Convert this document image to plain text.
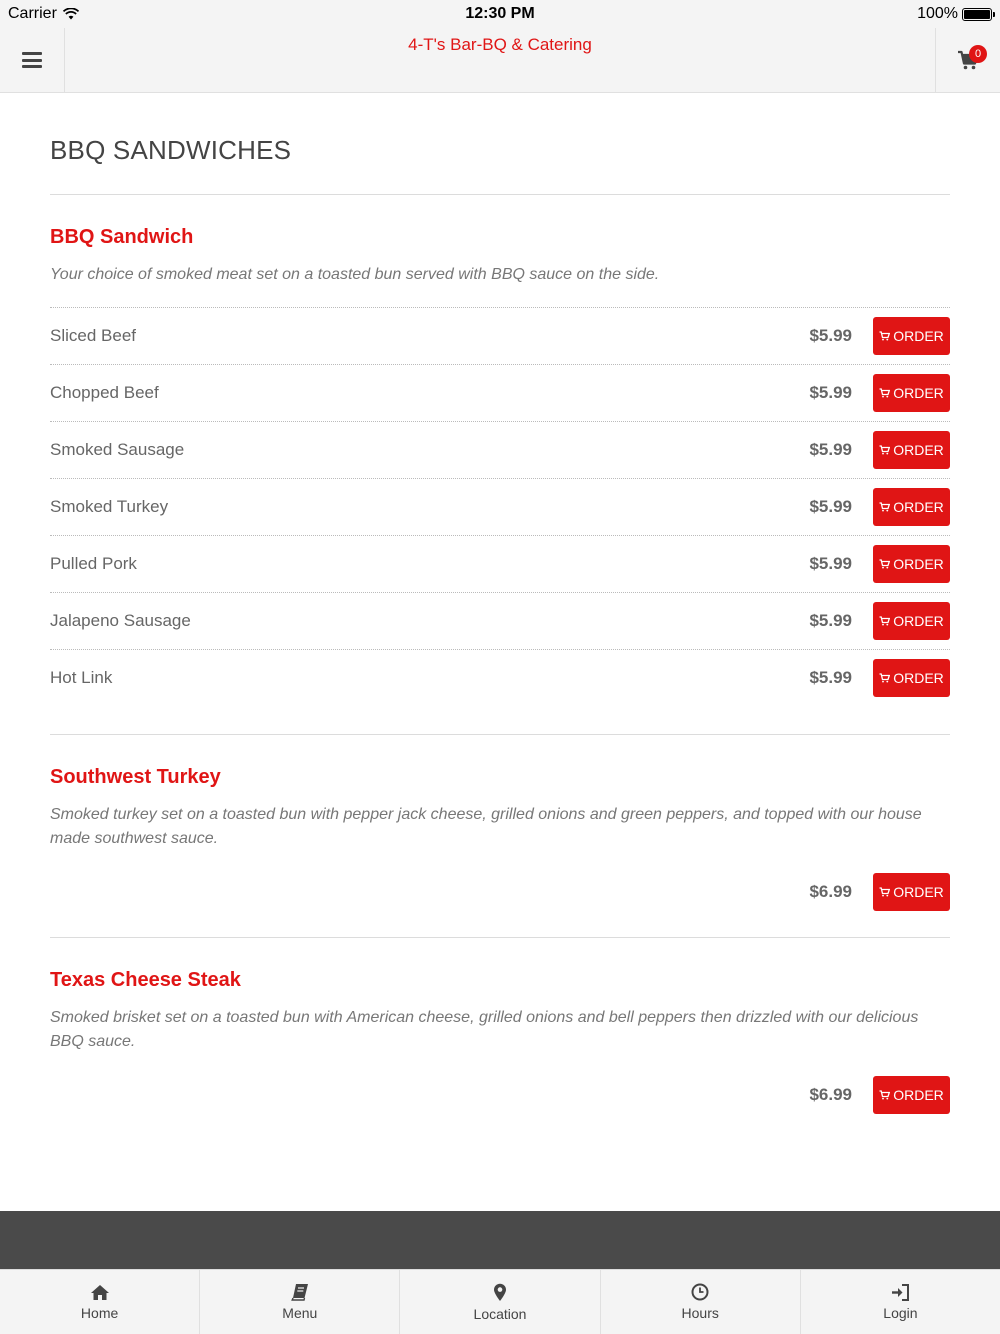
Carrier	12:30 PM	100%
4-T's Bar-BQ & Catering	0
BBQ SANDWICHES
BBQ Sandwich
Your choice of smoked meat set on a toasted bun served with BBQ sauce on the side.
Sliced Beef	$5.99	ORDER
Chopped Beef	$5.99	ORDER
Smoked Sausage	$5.99	ORDER
Smoked Turkey	$5.99	ORDER
Pulled Pork	$5.99	ORDER
Jalapeno Sausage	$5.99	ORDER
Hot Link	$5.99	ORDER
Southwest Turkey
Smoked turkey set on a toasted bun with pepper jack cheese, grilled onions and green peppers, and topped with our house made southwest sauce.
$6.99	ORDER
Texas Cheese Steak
Smoked brisket set on a toasted bun with American cheese, grilled onions and bell peppers then drizzled with our delicious BBQ sauce.
$6.99	ORDER
Home	Menu	Location	Hours	Login
